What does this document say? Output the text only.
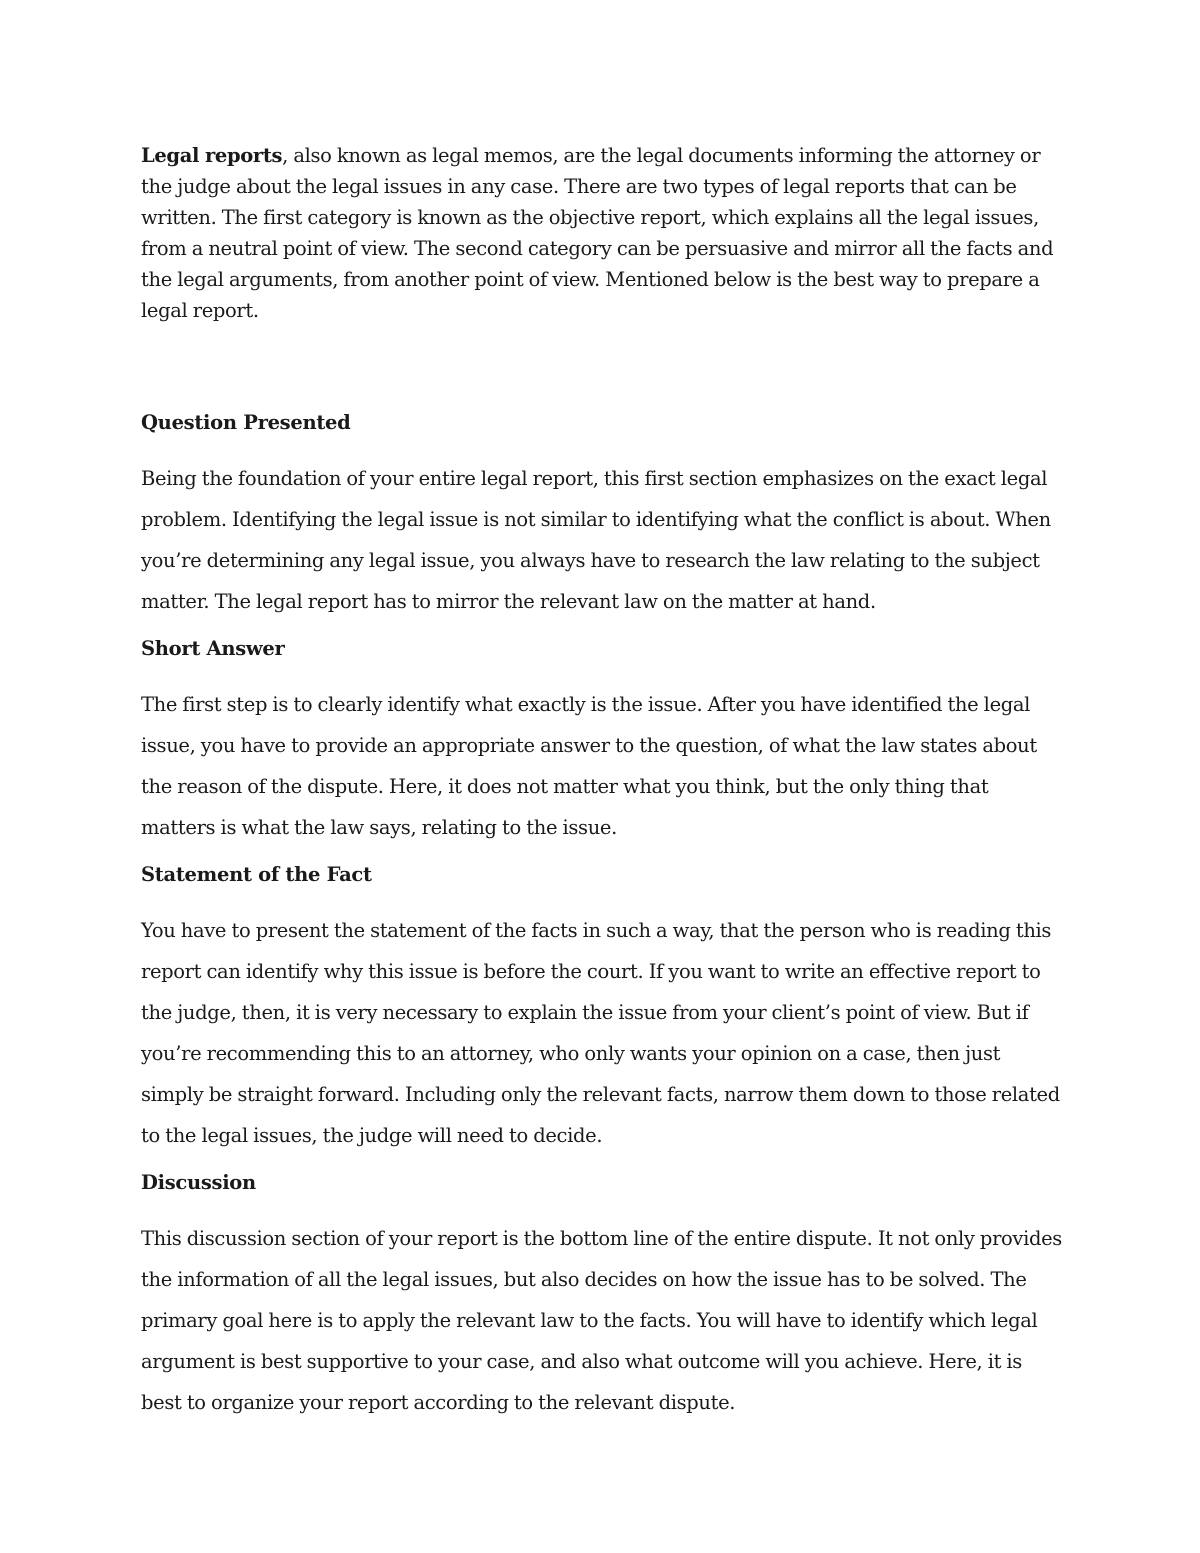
Legal reports, also known as legal memos, are the legal documents informing the attorney or the judge about the legal issues in any case. There are two types of legal reports that can be written. The first category is known as the objective report, which explains all the legal issues, from a neutral point of view. The second category can be persuasive and mirror all the facts and the legal arguments, from another point of view. Mentioned below is the best way to prepare a legal report.

Question Presented

Being the foundation of your entire legal report, this first section emphasizes on the exact legal problem. Identifying the legal issue is not similar to identifying what the conflict is about. When you’re determining any legal issue, you always have to research the law relating to the subject matter. The legal report has to mirror the relevant law on the matter at hand.

Short Answer

The first step is to clearly identify what exactly is the issue. After you have identified the legal issue, you have to provide an appropriate answer to the question, of what the law states about the reason of the dispute. Here, it does not matter what you think, but the only thing that matters is what the law says, relating to the issue.

Statement of the Fact

You have to present the statement of the facts in such a way, that the person who is reading this report can identify why this issue is before the court. If you want to write an effective report to the judge, then, it is very necessary to explain the issue from your client’s point of view. But if you’re recommending this to an attorney, who only wants your opinion on a case, then just simply be straight forward. Including only the relevant facts, narrow them down to those related to the legal issues, the judge will need to decide.

Discussion

This discussion section of your report is the bottom line of the entire dispute. It not only provides the information of all the legal issues, but also decides on how the issue has to be solved. The primary goal here is to apply the relevant law to the facts. You will have to identify which legal argument is best supportive to your case, and also what outcome will you achieve. Here, it is best to organize your report according to the relevant dispute.
